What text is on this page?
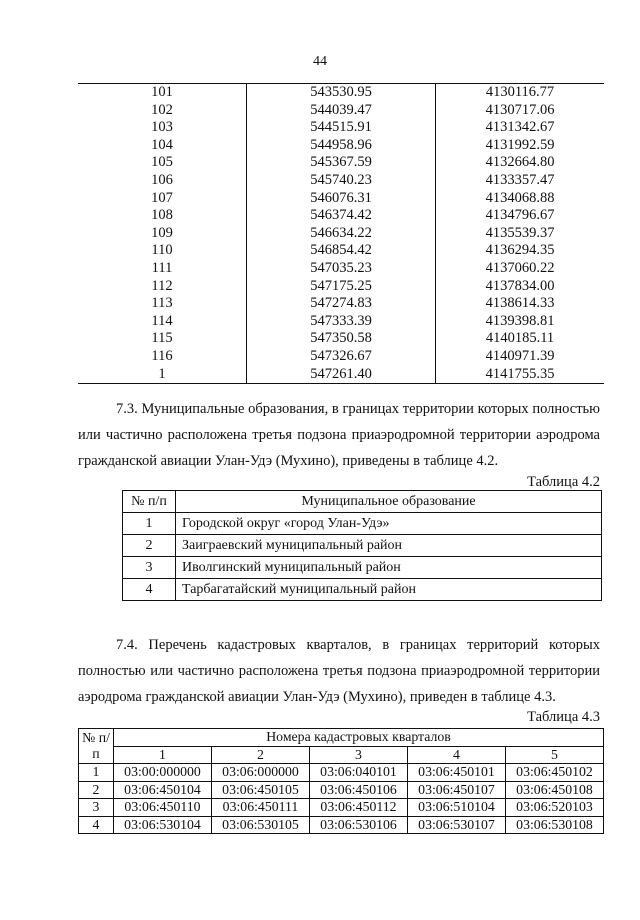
44
101	543530.95	4130116.77
102	544039.47	4130717.06
103	544515.91	4131342.67
104	544958.96	4131992.59
105	545367.59	4132664.80
106	545740.23	4133357.47
107	546076.31	4134068.88
108	546374.42	4134796.67
109	546634.22	4135539.37
110	546854.42	4136294.35
111	547035.23	4137060.22
112	547175.25	4137834.00
113	547274.83	4138614.33
114	547333.39	4139398.81
115	547350.58	4140185.11
116	547326.67	4140971.39
1	547261.40	4141755.35

7.3. Муниципальные образования, в границах территории которых полностью или частично расположена третья подзона приаэродромной территории аэродрома гражданской авиации Улан-Удэ (Мухино), приведены в таблице 4.2.

Таблица 4.2
№ п/п	Муниципальное образование
1	Городской округ «город Улан-Удэ»
2	Заиграевский муниципальный район
3	Иволгинский муниципальный район
4	Тарбагатайский муниципальный район

7.4. Перечень кадастровых кварталов, в границах территорий которых полностью или частично расположена третья подзона приаэродромной территории аэродрома гражданской авиации Улан-Удэ (Мухино), приведен в таблице 4.3.

Таблица 4.3
№ п/п	Номера кадастровых кварталов				
	1	2	3	4	5
1	03:00:000000	03:06:000000	03:06:040101	03:06:450101	03:06:450102
2	03:06:450104	03:06:450105	03:06:450106	03:06:450107	03:06:450108
3	03:06:450110	03:06:450111	03:06:450112	03:06:510104	03:06:520103
4	03:06:530104	03:06:530105	03:06:530106	03:06:530107	03:06:530108
